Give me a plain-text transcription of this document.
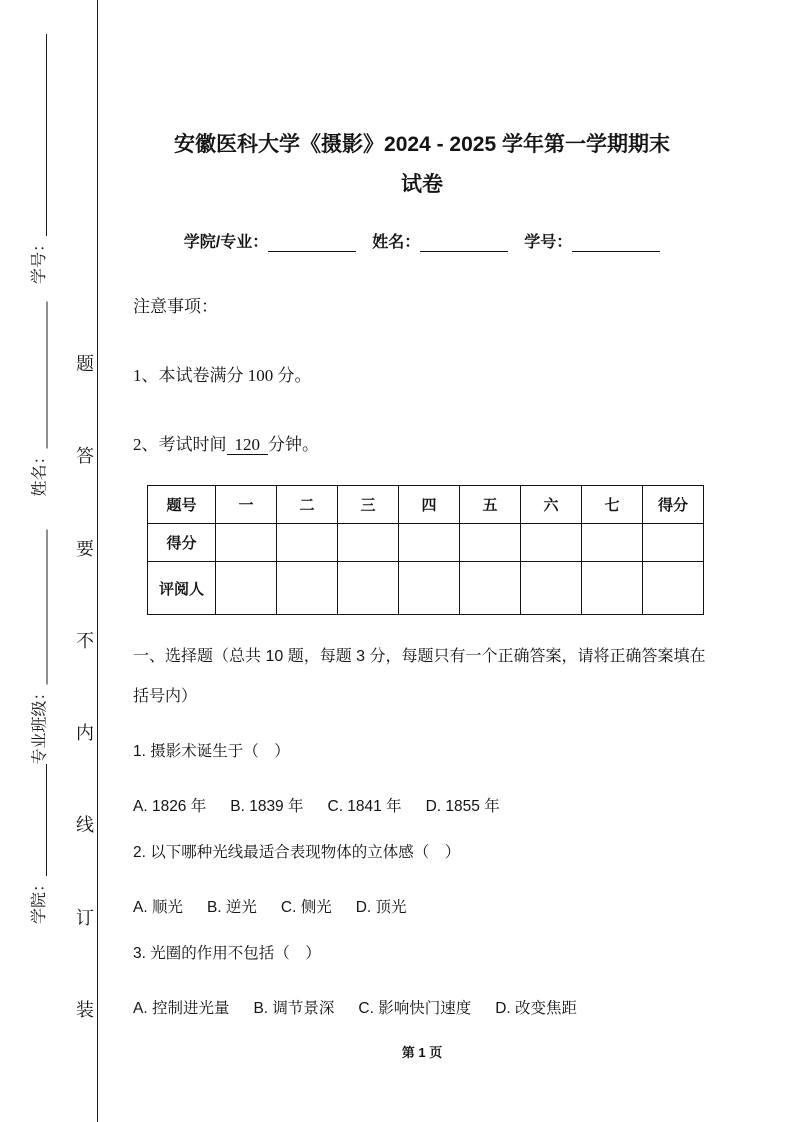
学号：
姓名：
专业班级：
学院：
题
答
要
不
内
线
订
装
安徽医科大学《摄影》2024 - 2025 学年第一学期期末
试卷
学院/专业：	姓名：	学号：
注意事项：
1、本试卷满分 100 分。
2、考试时间 120 分钟。
题号	一	二	三	四	五	六	七	得分
得分								
评阅人								
一、选择题（总共 10 题，每题 3 分，每题只有一个正确答案，请将正确答案填在括号内）
1. 摄影术诞生于（　）
A. 1826 年 B. 1839 年 C. 1841 年 D. 1855 年
2. 以下哪种光线最适合表现物体的立体感（　）
A. 顺光 B. 逆光 C. 侧光 D. 顶光
3. 光圈的作用不包括（　）
A. 控制进光量 B. 调节景深 C. 影响快门速度 D. 改变焦距
第 1 页
